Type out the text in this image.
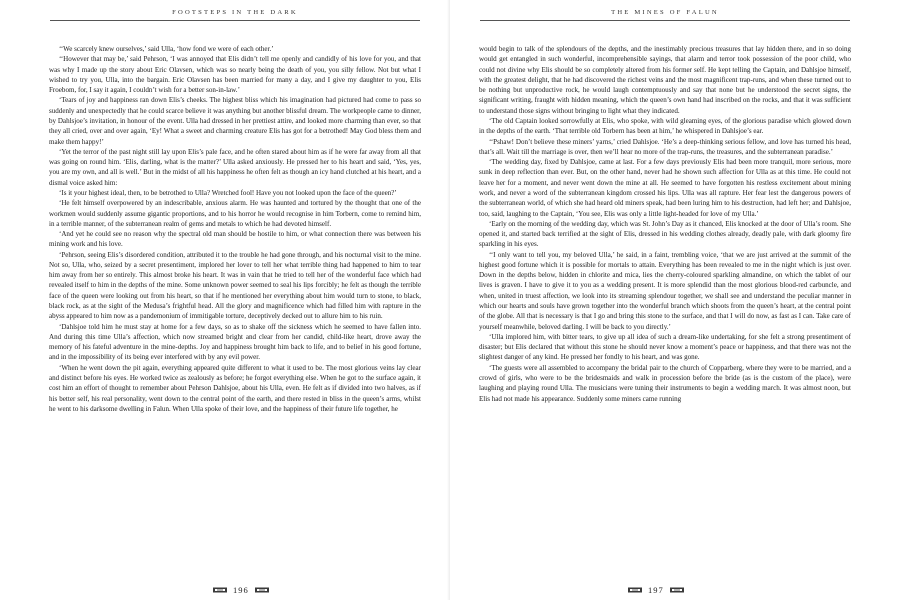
FOOTSTEPS IN THE DARK

‘‘We scarcely knew ourselves,’ said Ulla, ‘how fond we were of each other.’

‘‘However that may be,’ said Pehrson, ‘I was annoyed that Elis didn’t tell me openly and candidly of his love for you, and that was why I made up the story about Eric Olavsen, which was so nearly being the death of you, you silly fellow. Not but what I wished to try you, Ulla, into the bargain. Eric Olavsen has been married for many a day, and I give my daughter to you, Elis Froebom, for, I say it again, I couldn’t wish for a better son-in-law.’

‘Tears of joy and happiness ran down Elis’s cheeks. The highest bliss which his imagination had pictured had come to pass so suddenly and unexpectedly that he could scarce believe it was anything but another blissful dream. The workpeople came to dinner, by Dahlsjoe’s invitation, in honour of the event. Ulla had dressed in her prettiest attire, and looked more charming than ever, so that they all cried, over and over again, ‘Ey! What a sweet and charming creature Elis has got for a betrothed! May God bless them and make them happy!’

‘Yet the terror of the past night still lay upon Elis’s pale face, and he often stared about him as if he were far away from all that was going on round him. ‘Elis, darling, what is the matter?’ Ulla asked anxiously. He pressed her to his heart and said, ‘Yes, yes, you are my own, and all is well.’ But in the midst of all his happiness he often felt as though an icy hand clutched at his heart, and a dismal voice asked him:

‘Is it your highest ideal, then, to be betrothed to Ulla? Wretched fool! Have you not looked upon the face of the queen?’

‘He felt himself overpowered by an indescribable, anxious alarm. He was haunted and tortured by the thought that one of the workmen would suddenly assume gigantic proportions, and to his horror he would recognise in him Torbern, come to remind him, in a terrible manner, of the subterranean realm of gems and metals to which he had devoted himself.

‘And yet he could see no reason why the spectral old man should be hostile to him, or what connection there was between his mining work and his love.

‘Pehrson, seeing Elis’s disordered condition, attributed it to the trouble he had gone through, and his nocturnal visit to the mine. Not so, Ulla, who, seized by a secret presentiment, implored her lover to tell her what terrible thing had happened to him to tear him away from her so entirely. This almost broke his heart. It was in vain that he tried to tell her of the wonderful face which had revealed itself to him in the depths of the mine. Some unknown power seemed to seal his lips forcibly; he felt as though the terrible face of the queen were looking out from his heart, so that if he mentioned her everything about him would turn to stone, to black, black rock, as at the sight of the Medusa’s frightful head. All the glory and magnificence which had filled him with rapture in the abyss appeared to him now as a pandemonium of immitigable torture, deceptively decked out to allure him to his ruin.

‘Dahlsjoe told him he must stay at home for a few days, so as to shake off the sickness which he seemed to have fallen into. And during this time Ulla’s affection, which now streamed bright and clear from her candid, child-like heart, drove away the memory of his fateful adventure in the mine-depths. Joy and happiness brought him back to life, and to belief in his good fortune, and in the impossibility of its being ever interfered with by any evil power.

‘When he went down the pit again, everything appeared quite different to what it used to be. The most glorious veins lay clear and distinct before his eyes. He worked twice as zealously as before; he forgot everything else. When he got to the surface again, it cost him an effort of thought to remember about Pehrson Dahlsjoe, about his Ulla, even. He felt as if divided into two halves, as if his better self, his real personality, went down to the central point of the earth, and there rested in bliss in the queen’s arms, whilst he went to his darksome dwelling in Falun. When Ulla spoke of their love, and the happiness of their future life together, he

196
THE MINES OF FALUN

would begin to talk of the splendours of the depths, and the inestimably precious treasures that lay hidden there, and in so doing would get entangled in such wonderful, incomprehensible sayings, that alarm and terror took possession of the poor child, who could not divine why Elis should be so completely altered from his former self. He kept telling the Captain, and Dahlsjoe himself, with the greatest delight, that he had discovered the richest veins and the most magnificent trap-runs, and when these turned out to be nothing but unproductive rock, he would laugh contemptuously and say that none but he understood the secret signs, the significant writing, fraught with hidden meaning, which the queen’s own hand had inscribed on the rocks, and that it was sufficient to understand those signs without bringing to light what they indicated.

‘The old Captain looked sorrowfully at Elis, who spoke, with wild gleaming eyes, of the glorious paradise which glowed down in the depths of the earth. ‘That terrible old Torbern has been at him,’ he whispered in Dahlsjoe’s ear.

‘‘Pshaw! Don’t believe these miners’ yarns,’ cried Dahlsjoe. ‘He’s a deep-thinking serious fellow, and love has turned his head, that’s all. Wait till the marriage is over, then we’ll hear no more of the trap-runs, the treasures, and the subterranean paradise.’

‘The wedding day, fixed by Dahlsjoe, came at last. For a few days previously Elis had been more tranquil, more serious, more sunk in deep reflection than ever. But, on the other hand, never had he shown such affection for Ulla as at this time. He could not leave her for a moment, and never went down the mine at all. He seemed to have forgotten his restless excitement about mining work, and never a word of the subterranean kingdom crossed his lips. Ulla was all rapture. Her fear lest the dangerous powers of the subterranean world, of which she had heard old miners speak, had been luring him to his destruction, had left her; and Dahlsjoe, too, said, laughing to the Captain, ‘You see, Elis was only a little light-headed for love of my Ulla.’

‘Early on the morning of the wedding day, which was St. John’s Day as it chanced, Elis knocked at the door of Ulla’s room. She opened it, and started back terrified at the sight of Elis, dressed in his wedding clothes already, deadly pale, with dark gloomy fire sparkling in his eyes.

‘‘I only want to tell you, my beloved Ulla,’ he said, in a faint, trembling voice, ‘that we are just arrived at the summit of the highest good fortune which it is possible for mortals to attain. Everything has been revealed to me in the night which is just over. Down in the depths below, hidden in chlorite and mica, lies the cherry-coloured sparkling almandine, on which the tablet of our lives is graven. I have to give it to you as a wedding present. It is more splendid than the most glorious blood-red carbuncle, and when, united in truest affection, we look into its streaming splendour together, we shall see and understand the peculiar manner in which our hearts and souls have grown together into the wonderful branch which shoots from the queen’s heart, at the central point of the globe. All that is necessary is that I go and bring this stone to the surface, and that I will do now, as fast as I can. Take care of yourself meanwhile, beloved darling. I will be back to you directly.’

‘Ulla implored him, with bitter tears, to give up all idea of such a dream-like undertaking, for she felt a strong presentiment of disaster; but Elis declared that without this stone he should never know a moment’s peace or happiness, and that there was not the slightest danger of any kind. He pressed her fondly to his heart, and was gone.

‘The guests were all assembled to accompany the bridal pair to the church of Copparberg, where they were to be married, and a crowd of girls, who were to be the bridesmaids and walk in procession before the bride (as is the custom of the place), were laughing and playing round Ulla. The musicians were tuning their instruments to begin a wedding march. It was almost noon, but Elis had not made his appearance. Suddenly some miners came running

197
